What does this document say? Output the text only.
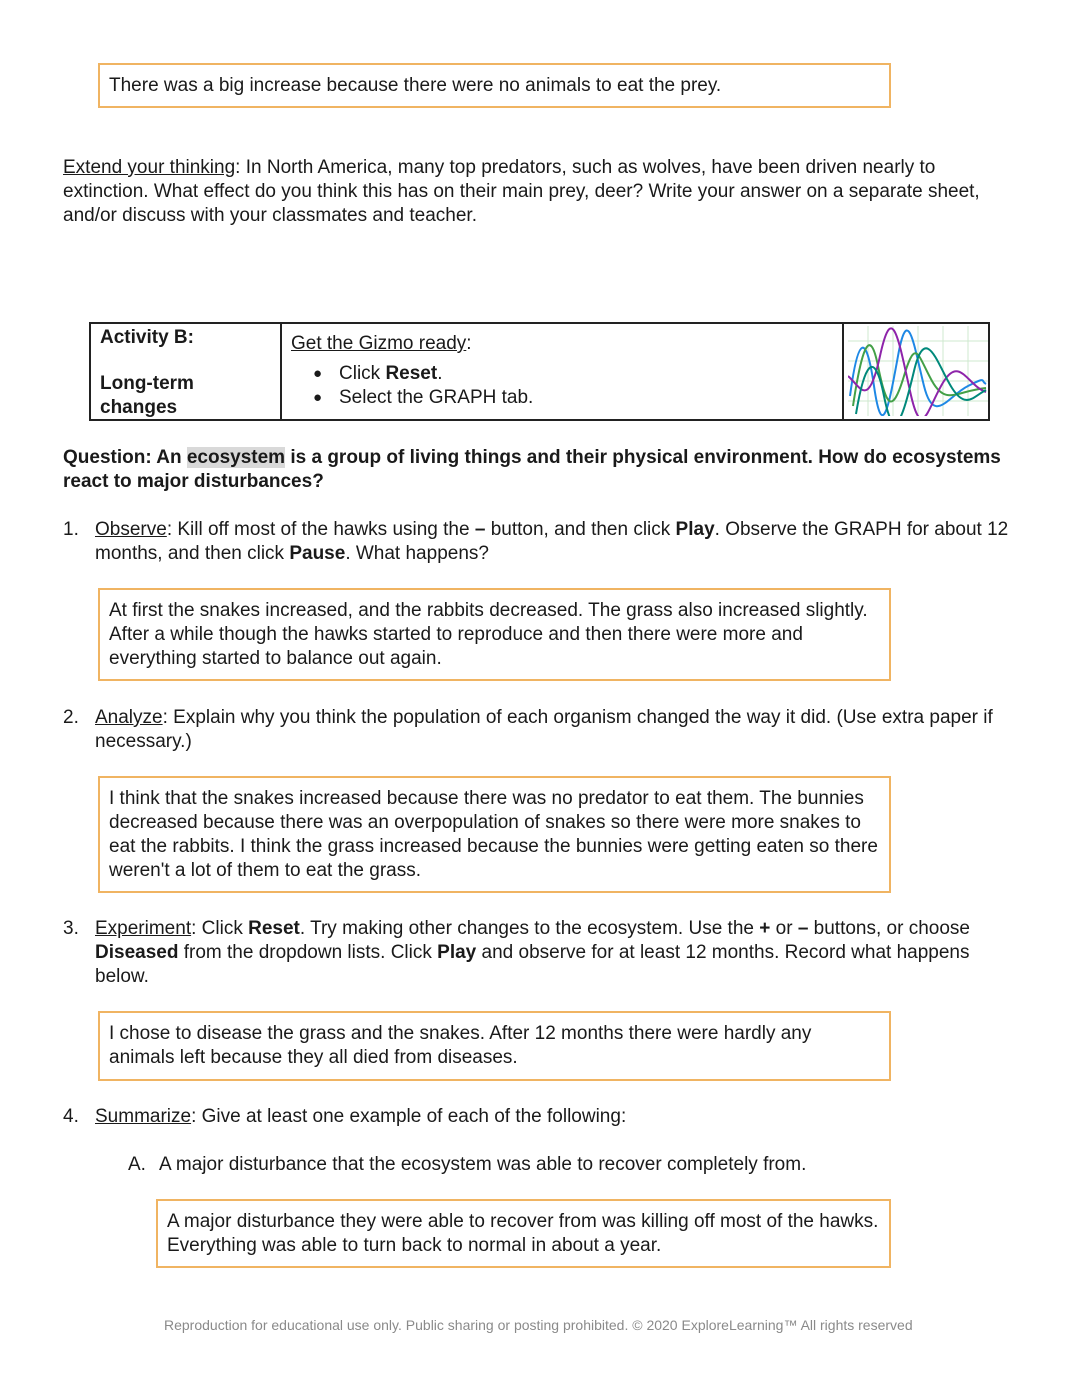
There was a big increase because there were no animals to eat the prey.
Extend your thinking: In North America, many top predators, such as wolves, have been driven nearly to extinction. What effect do you think this has on their main prey, deer? Write your answer on a separate sheet, and/or discuss with your classmates and teacher.
Activity B:
Long-term changes
Get the Gizmo ready:
● Click Reset.
● Select the GRAPH tab.
Question: An ecosystem is a group of living things and their physical environment. How do ecosystems react to major disturbances?
1. Observe: Kill off most of the hawks using the – button, and then click Play. Observe the GRAPH for about 12 months, and then click Pause. What happens?
At first the snakes increased, and the rabbits decreased. The grass also increased slightly. After a while though the hawks started to reproduce and then there were more and everything started to balance out again.
2. Analyze: Explain why you think the population of each organism changed the way it did. (Use extra paper if necessary.)
I think that the snakes increased because there was no predator to eat them. The bunnies decreased because there was an overpopulation of snakes so there were more snakes to eat the rabbits. I think the grass increased because the bunnies were getting eaten so there weren't a lot of them to eat the grass.
3. Experiment: Click Reset. Try making other changes to the ecosystem. Use the + or – buttons, or choose Diseased from the dropdown lists. Click Play and observe for at least 12 months. Record what happens below.
I chose to disease the grass and the snakes. After 12 months there were hardly any animals left because they all died from diseases.
4. Summarize: Give at least one example of each of the following:
A. A major disturbance that the ecosystem was able to recover completely from.
A major disturbance they were able to recover from was killing off most of the hawks. Everything was able to turn back to normal in about a year.
Reproduction for educational use only. Public sharing or posting prohibited. © 2020 ExploreLearning™ All rights reserved
